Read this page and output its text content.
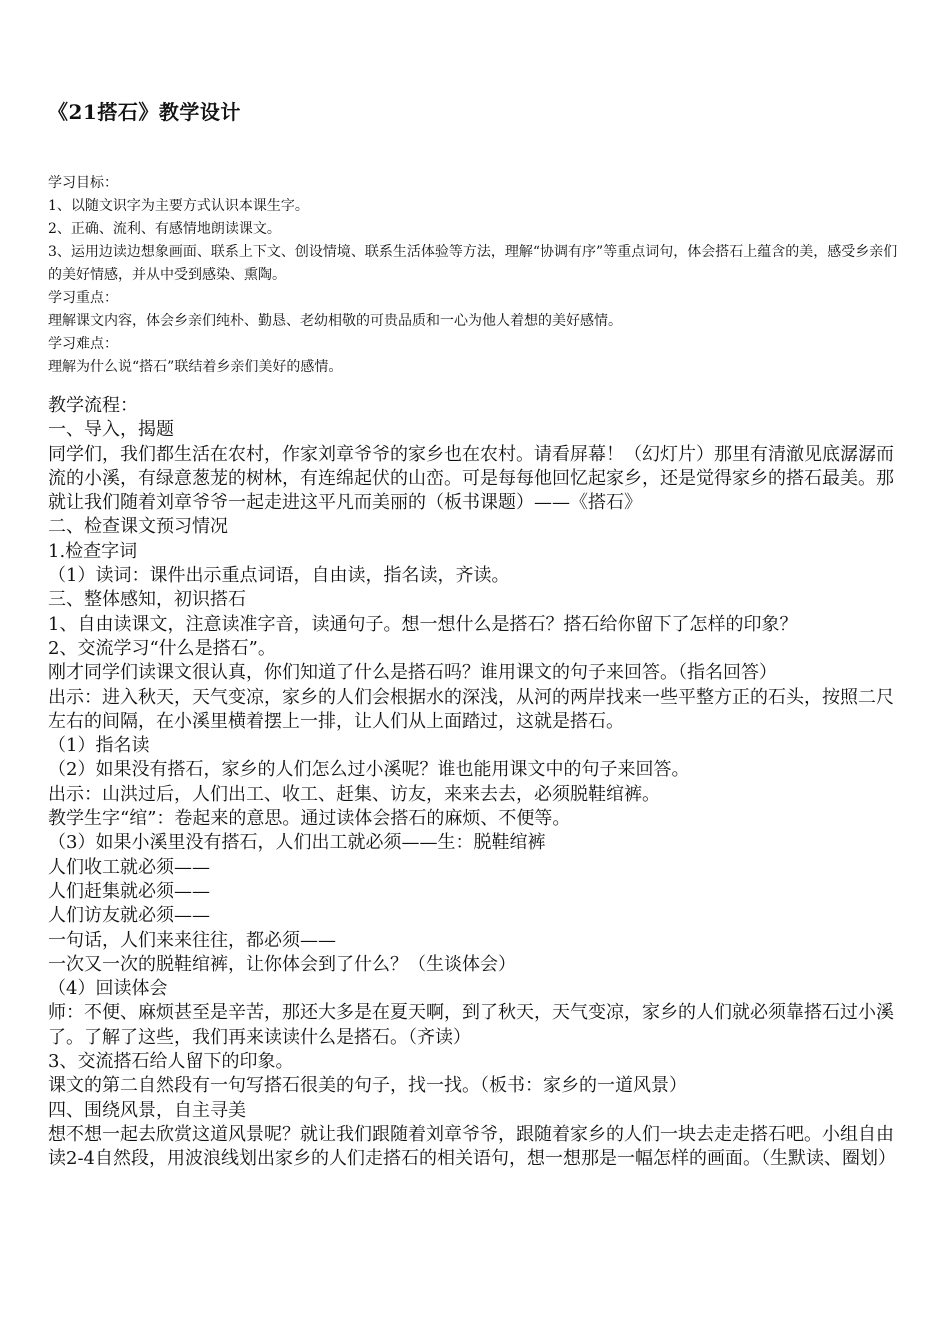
《21搭石》教学设计

学习目标：

1、以随文识字为主要方式认识本课生字。

2、正确、流利、有感情地朗读课文。

3、运用边读边想象画面、联系上下文、创设情境、联系生活体验等方法，理解“协调有序”等重点词句，体会搭石上蕴含的美，感受乡亲们的美好情感，并从中受到感染、熏陶。

学习重点：

理解课文内容，体会乡亲们纯朴、勤恳、老幼相敬的可贵品质和一心为他人着想的美好感情。

学习难点：

理解为什么说“搭石”联结着乡亲们美好的感情。

教学流程：

一、导入，揭题

同学们，我们都生活在农村，作家刘章爷爷的家乡也在农村。请看屏幕！（幻灯片）那里有清澈见底潺潺而流的小溪，有绿意葱茏的树林，有连绵起伏的山峦。可是每每他回忆起家乡，还是觉得家乡的搭石最美。那就让我们随着刘章爷爷一起走进这平凡而美丽的（板书课题）——《搭石》

二、检查课文预习情况

1.检查字词

（1）读词：课件出示重点词语，自由读，指名读，齐读。

三、整体感知，初识搭石

1、自由读课文，注意读准字音，读通句子。想一想什么是搭石？搭石给你留下了怎样的印象？

2、交流学习“什么是搭石”。

刚才同学们读课文很认真，你们知道了什么是搭石吗？谁用课文的句子来回答。（指名回答）

出示：进入秋天，天气变凉，家乡的人们会根据水的深浅，从河的两岸找来一些平整方正的石头，按照二尺左右的间隔，在小溪里横着摆上一排，让人们从上面踏过，这就是搭石。

（1）指名读

（2）如果没有搭石，家乡的人们怎么过小溪呢？谁也能用课文中的句子来回答。

出示：山洪过后，人们出工、收工、赶集、访友，来来去去，必须脱鞋绾裤。

教学生字“绾”：卷起来的意思。通过读体会搭石的麻烦、不便等。

（3）如果小溪里没有搭石，人们出工就必须——生：脱鞋绾裤

人们收工就必须——

人们赶集就必须——

人们访友就必须——

一句话，人们来来往往，都必须——

一次又一次的脱鞋绾裤，让你体会到了什么？（生谈体会）

（4）回读体会

师：不便、麻烦甚至是辛苦，那还大多是在夏天啊，到了秋天，天气变凉，家乡的人们就必须靠搭石过小溪了。了解了这些，我们再来读读什么是搭石。（齐读）

3、交流搭石给人留下的印象。

课文的第二自然段有一句写搭石很美的句子，找一找。（板书：家乡的一道风景）

四、围绕风景，自主寻美

想不想一起去欣赏这道风景呢？就让我们跟随着刘章爷爷，跟随着家乡的人们一块去走走搭石吧。小组自由读2-4自然段，用波浪线划出家乡的人们走搭石的相关语句，想一想那是一幅怎样的画面。（生默读、圈划）
